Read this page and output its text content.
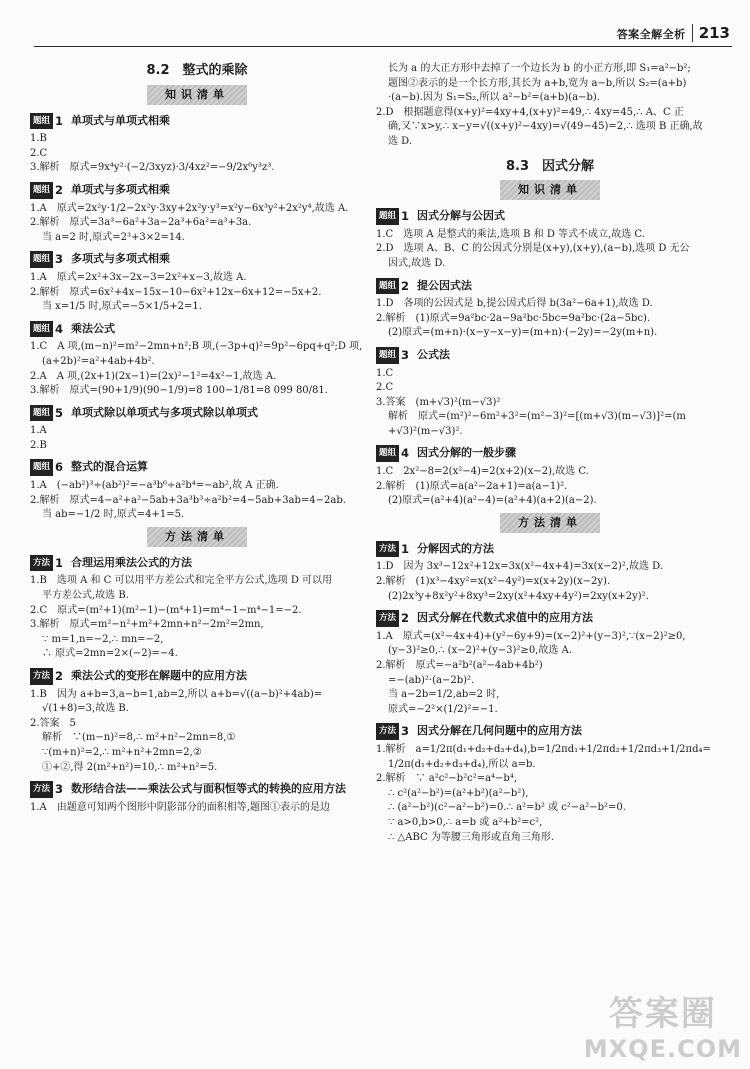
答案全解全析 213
8.2　整式的乘除
知识清单
题组 1 单项式与单项式相乘
1.B
2.C
3.解析　原式=9x⁴y²·(−2/3xyz)·3/4xz²=−9/2x⁶y³z³.
题组 2 单项式与多项式相乘
1.A　原式=2x²y·1/2−2x²y·3xy+2x²y·y³=x²y−6x³y²+2x²y⁴,故选 A.
2.解析　原式=3a³−6a²+3a−2a³+6a²=a³+3a.
当 a=2 时,原式=2³+3×2=14.
题组 3 多项式与多项式相乘
1.A　原式=2x²+3x−2x−3=2x²+x−3,故选 A.
2.解析　原式=6x²+4x−15x−10−6x²+12x−6x+12=−5x+2.
当 x=1/5 时,原式=−5×1/5+2=1.
题组 4 乘法公式
1.C　A 项,(m−n)²=m²−2mn+n²;B 项,(−3p+q)²=9p²−6pq+q²;D 项,
(a+2b)²=a²+4ab+4b².
2.A　A 项,(2x+1)(2x−1)=(2x)²−1²=4x²−1,故选 A.
3.解析　原式=(90+1/9)(90−1/9)=8 100−1/81=8 099 80/81.
题组 5 单项式除以单项式与多项式除以单项式
1.A
2.B
题组 6 整式的混合运算
1.A　(−ab²)³÷(ab²)²=−a³b⁶÷a²b⁴=−ab²,故 A 正确.
2.解析　原式=4−a²+a²−5ab+3a³b³÷a²b²=4−5ab+3ab=4−2ab.
当 ab=−1/2 时,原式=4+1=5.
方法清单
方法 1 合理运用乘法公式的方法
1.B　选项 A 和 C 可以用平方差公式和完全平方公式,选项 D 可以用
平方差公式,故选 B.
2.C　原式=(m²+1)(m²−1)−(m⁴+1)=m⁴−1−m⁴−1=−2.
3.解析　原式=m²−n²+m²+2mn+n²−2m²=2mn,
∵ m=1,n=−2,∴ mn=−2,
∴ 原式=2mn=2×(−2)=−4.
方法 2 乘法公式的变形在解题中的应用方法
1.B　因为 a+b=3,a−b=1,ab=2,所以 a+b=√((a−b)²+4ab)=
√(1+8)=3,故选 B.
2.答案　5
解析　∵(m−n)²=8,∴ m²+n²−2mn=8,①
∵(m+n)²=2,∴ m²+n²+2mn=2,②
①+②,得 2(m²+n²)=10,∴ m²+n²=5.
方法 3 数形结合法——乘法公式与面积恒等式的转换的应用方法
1.A　由题意可知两个图形中阴影部分的面积相等,题图①表示的是边
长为 a 的大正方形中去掉了一个边长为 b 的小正方形,即 S₁=a²−b²;
题图②表示的是一个长方形,其长为 a+b,宽为 a−b,所以 S₂=(a+b)
·(a−b).因为 S₁=S₂,所以 a²−b²=(a+b)(a−b).
2.D　根据题意得(x+y)²=4xy+4,(x+y)²=49,∴ 4xy=45,∴ A、C 正
确,又∵x>y,∴ x−y=√((x+y)²−4xy)=√(49−45)=2,∴ 选项 B 正确,故
选 D.
8.3　因式分解
知识清单
题组 1 因式分解与公因式
1.C　选项 A 是整式的乘法,选项 B 和 D 等式不成立,故选 C.
2.D　选项 A、B、C 的公因式分别是(x+y),(x+y),(a−b),选项 D 无公
因式,故选 D.
题组 2 提公因式法
1.D　各项的公因式是 b,提公因式后得 b(3a²−6a+1),故选 D.
2.解析　(1)原式=9a²bc·2a−9a²bc·5bc=9a²bc·(2a−5bc).
(2)原式=(m+n)·(x−y−x−y)=(m+n)·(−2y)=−2y(m+n).
题组 3 公式法
1.C
2.C
3.答案　(m+√3)²(m−√3)²
解析　原式=(m²)²−6m²+3²=(m²−3)²=[(m+√3)(m−√3)]²=(m
+√3)²(m−√3)².
题组 4 因式分解的一般步骤
1.C　2x²−8=2(x²−4)=2(x+2)(x−2),故选 C.
2.解析　(1)原式=a(a²−2a+1)=a(a−1)².
(2)原式=(a²+4)(a²−4)=(a²+4)(a+2)(a−2).
方法清单
方法 1 分解因式的方法
1.D　因为 3x³−12x²+12x=3x(x²−4x+4)=3x(x−2)²,故选 D.
2.解析　(1)x³−4xy²=x(x²−4y²)=x(x+2y)(x−2y).
(2)2x³y+8x²y²+8xy³=2xy(x²+4xy+4y²)=2xy(x+2y)².
方法 2 因式分解在代数式求值中的应用方法
1.A　原式=(x²−4x+4)+(y²−6y+9)=(x−2)²+(y−3)²,∵(x−2)²≥0,
(y−3)²≥0,∴ (x−2)²+(y−3)²≥0,故选 A.
2.解析　原式=−a²b²(a²−4ab+4b²)
=−(ab)²·(a−2b)².
当 a−2b=1/2,ab=2 时,
原式=−2²×(1/2)²=−1.
方法 3 因式分解在几何问题中的应用方法
1.解析　a=1/2π(d₁+d₂+d₃+d₄),b=1/2πd₁+1/2πd₂+1/2πd₃+1/2πd₄=
1/2π(d₁+d₂+d₃+d₄),所以 a=b.
2.解析　∵ a²c²−b²c²=a⁴−b⁴,
∴ c²(a²−b²)=(a²+b²)(a²−b²),
∴ (a²−b²)(c²−a²−b²)=0.∴ a²=b² 或 c²−a²−b²=0.
∵ a>0,b>0,∴ a=b 或 a²+b²=c²,
∴ △ABC 为等腰三角形或直角三角形.
答案圈
MXQE.COM
